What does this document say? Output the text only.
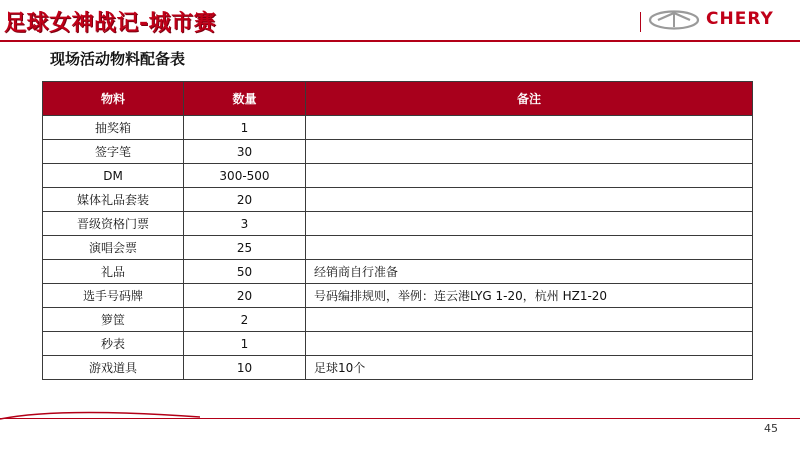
足球女神战记-城市赛	CHERY
现场活动物料配备表
物料	数量	备注
抽奖箱	1	
签字笔	30	
DM	300-500	
媒体礼品套装	20	
晋级资格门票	3	
演唱会票	25	
礼品	50	经销商自行准备
选手号码牌	20	号码编排规则，举例：连云港LYG 1-20，杭州 HZ1-20
箩筐	2	
秒表	1	
游戏道具	10	足球10个
45
